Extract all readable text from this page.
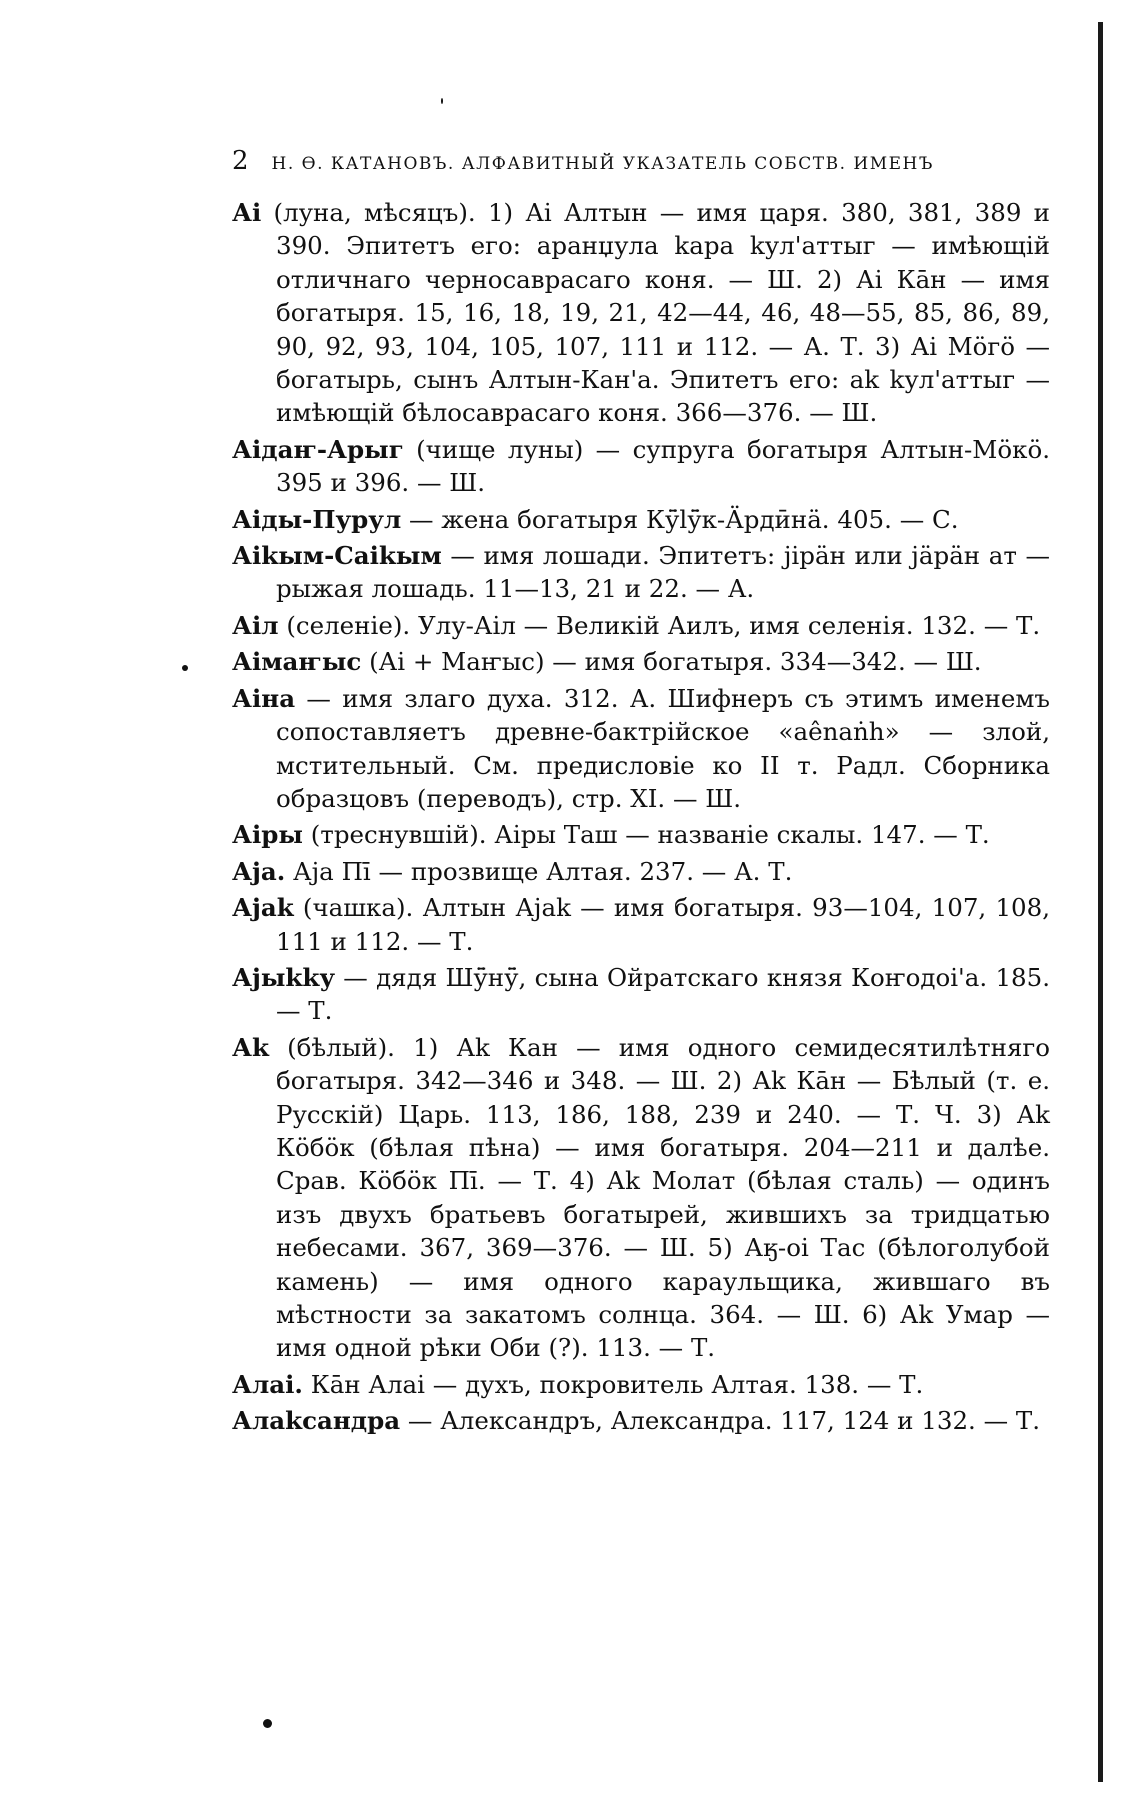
2 Н. Ѳ. КАТАНОВЪ. АЛФАВИТНЫЙ УКАЗАТЕЛЬ СОБСТВ. ИМЕНЪ

Аі (луна, мѣсяцъ). 1) Аі Алтын — имя царя. 380, 381, 389 и 390. Эпитетъ его: аранџула kара kул'аттыг — имѣющій отличнаго черносаврасаго коня. — Ш. 2) Аі Кāн — имя богатыря. 15, 16, 18, 19, 21, 42—44, 46, 48—55, 85, 86, 89, 90, 92, 93, 104, 105, 107, 111 и 112. — А. Т. 3) Аі Мӧгӧ — богатырь, сынъ Алтын-Кан'а. Эпитетъ его: аk kул'аттыг — имѣющій бѣлосаврасаго коня. 366—376. — Ш.

Аідаҥ-Арыг (чище луны) — супруга богатыря Алтын-Мӧкӧ. 395 и 396. — Ш.

Аіды-Пурул — жена богатыря Кӱ̄lӱ̄к-Ӓрдӣнӓ. 405. — С.

Аіkым-Саіkым — имя лошади. Эпитетъ: јірӓн или јӓрӓн ат — рыжая лошадь. 11—13, 21 и 22. — А.

Аіл (селеніе). Улу-Аіл — Великій Аилъ, имя селенія. 132. — Т.

Аімаҥыс (Аі + Маҥыс) — имя богатыря. 334—342. — Ш.

Аіна — имя злаго духа. 312. А. Шифнеръ съ этимъ именемъ сопоставляетъ древне-бактрійское «аênaṅh» — злой, мстительный. См. предисловіе ко II т. Радл. Сборника образцовъ (переводъ), стр. XI. — Ш.

Аіры (треснувшій). Аіры Таш — названіе скалы. 147. — Т.

Аја. Аја Пī — прозвище Алтая. 237. — А. Т.

Ајаk (чашка). Алтын Ајаk — имя богатыря. 93—104, 107, 108, 111 и 112. — Т.

Ајыkkу — дядя Шӱ̄нӱ̄, сына Ойратскаго князя Коҥодоі'а. 185. — Т.

Аk (бѣлый). 1) Аk Кан — имя одного семидесятилѣтняго богатыря. 342—346 и 348. — Ш. 2) Аk Кāн — Бѣлый (т. е. Русскій) Царь. 113, 186, 188, 239 и 240. — Т. Ч. 3) Аk Кӧбӧк (бѣлая пѣна) — имя богатыря. 204—211 и далѣе. Срав. Кӧбӧк Пī. — Т. 4) Аk Молат (бѣлая сталь) — одинъ изъ двухъ братьевъ богатырей, жившихъ за тридцатью небесами. 367, 369—376. — Ш. 5) Аӄ-оі Тас (бѣлоголубой камень) — имя одного караульщика, жившаго въ мѣстности за закатомъ солнца. 364. — Ш. 6) Аk Умар — имя одной рѣки Оби (?). 113. — Т.

Алаі. Кāн Алаі — духъ, покровитель Алтая. 138. — Т.

Алаkсандра — Александръ, Александра. 117, 124 и 132. — Т.
